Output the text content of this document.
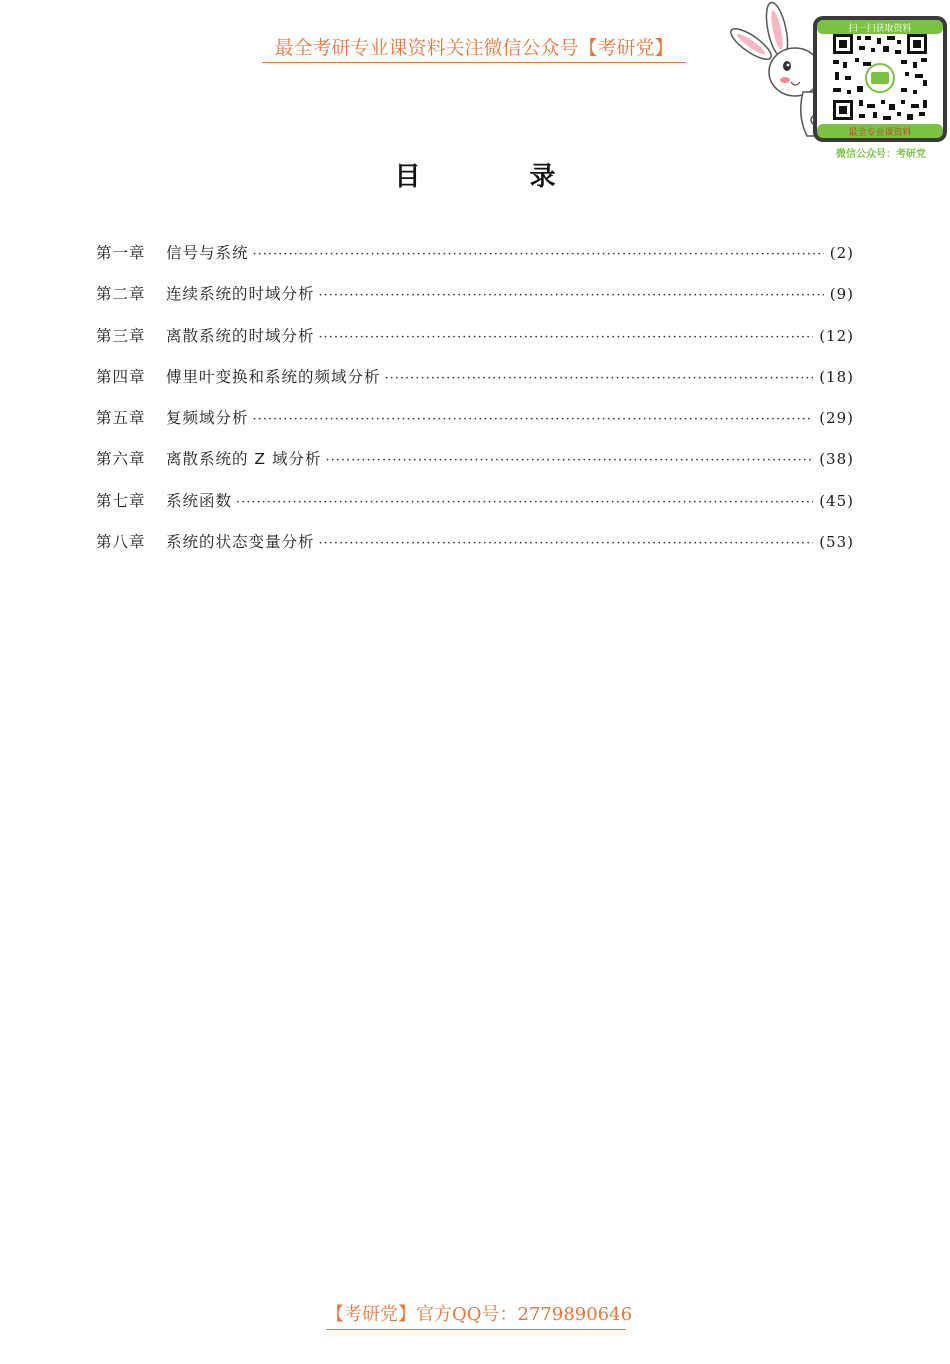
最全考研专业课资料关注微信公众号【考研党】
扫一扫获取资料
最全专业课资料
微信公众号：考研党
目 录
第一章	信号与系统 ·····	(2)
第二章	连续系统的时域分析 ·····	(9)
第三章	离散系统的时域分析 ·····	(12)
第四章	傅里叶变换和系统的频域分析 ·····	(18)
第五章	复频域分析 ·····	(29)
第六章	离散系统的 Z 域分析 ·····	(38)
第七章	系统函数 ·····	(45)
第八章	系统的状态变量分析 ·····	(53)
【考研党】官方QQ号：2779890646
